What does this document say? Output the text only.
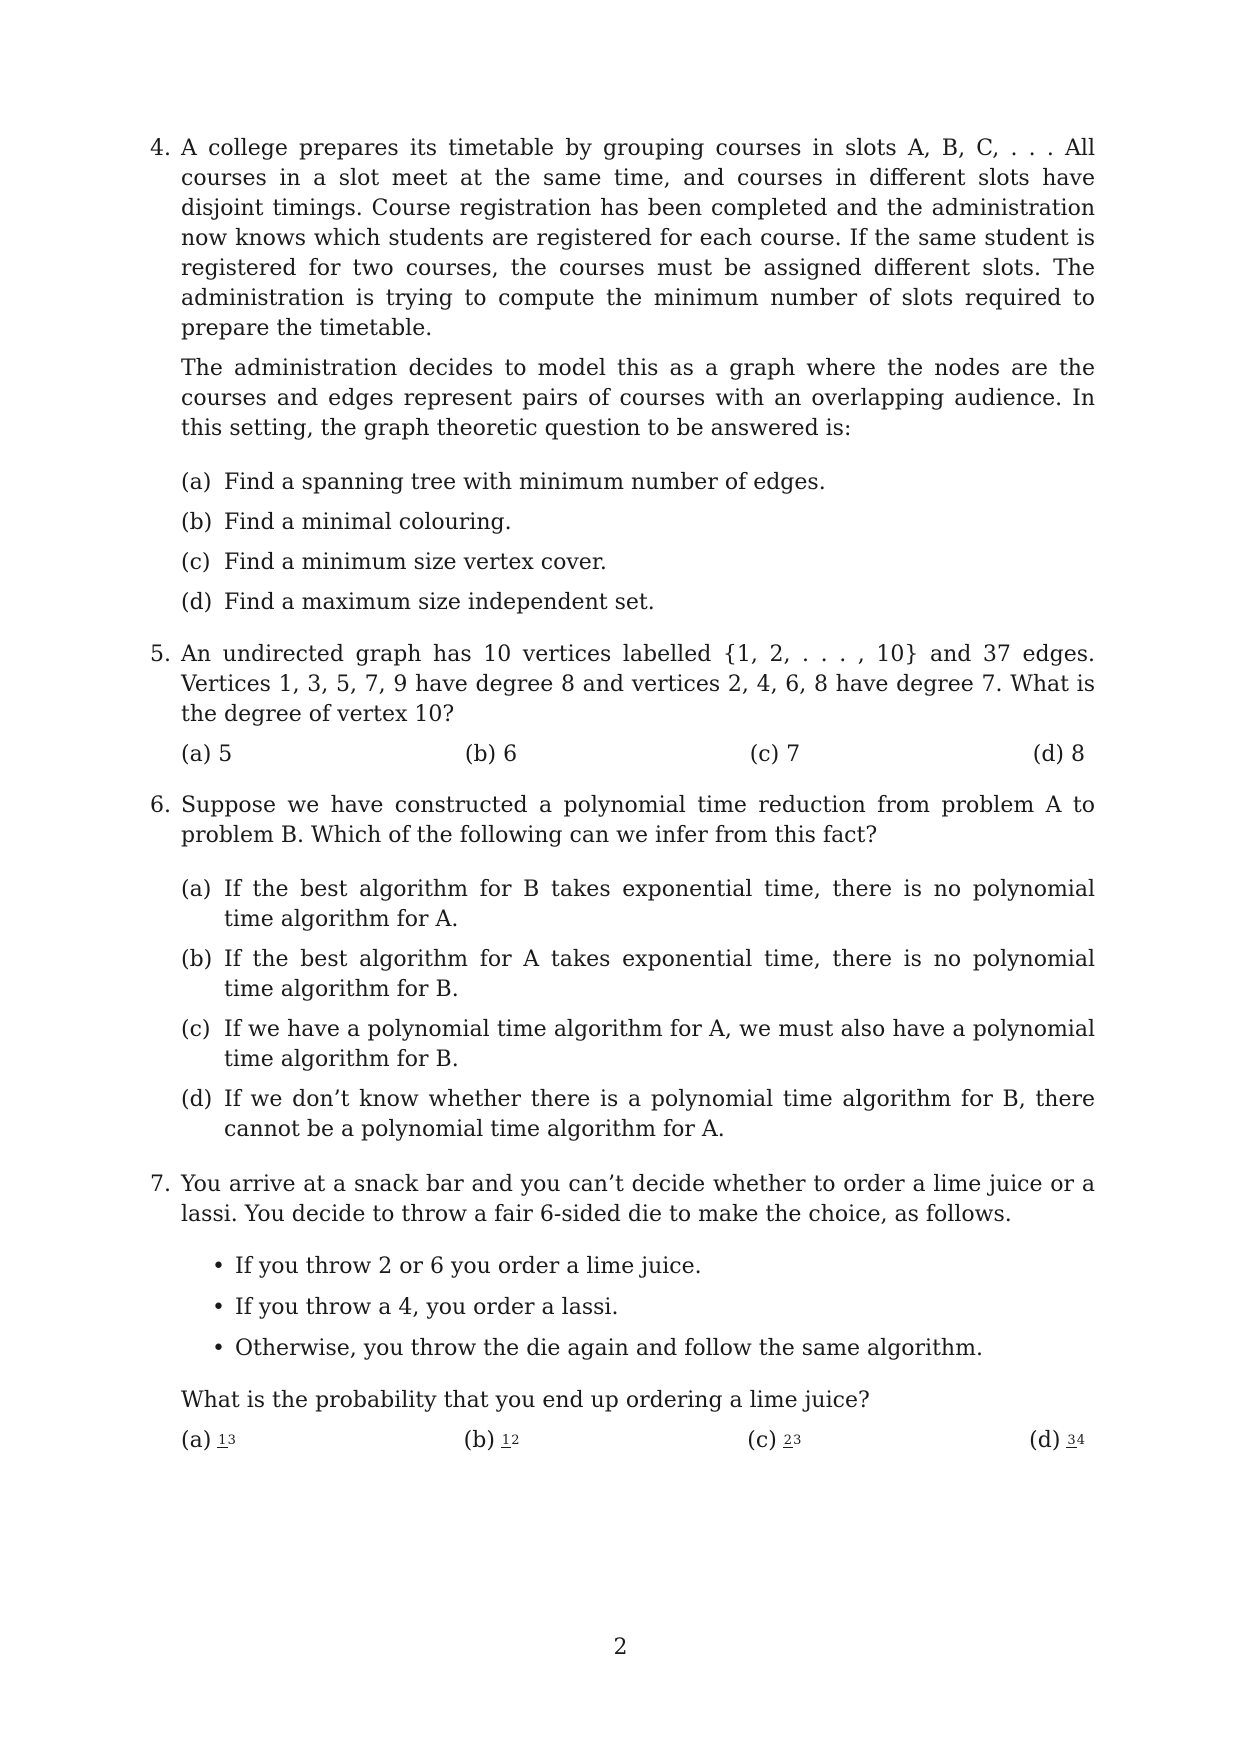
4. A college prepares its timetable by grouping courses in slots A, B, C, . . . All courses in a slot meet at the same time, and courses in different slots have disjoint timings. Course registration has been completed and the administration now knows which students are registered for each course. If the same student is registered for two courses, the courses must be assigned different slots. The administration is trying to compute the minimum number of slots required to prepare the timetable.

The administration decides to model this as a graph where the nodes are the courses and edges represent pairs of courses with an overlapping audience. In this setting, the graph theoretic question to be answered is:

(a) Find a spanning tree with minimum number of edges.
(b) Find a minimal colouring.
(c) Find a minimum size vertex cover.
(d) Find a maximum size independent set.
5. An undirected graph has 10 vertices labelled {1, 2, . . . , 10} and 37 edges. Vertices 1, 3, 5, 7, 9 have degree 8 and vertices 2, 4, 6, 8 have degree 7. What is the degree of vertex 10?

(a) 5	(b) 6	(c) 7	(d) 8
6. Suppose we have constructed a polynomial time reduction from problem A to problem B. Which of the following can we infer from this fact?

(a) If the best algorithm for B takes exponential time, there is no polynomial time algorithm for A.
(b) If the best algorithm for A takes exponential time, there is no polynomial time algorithm for B.
(c) If we have a polynomial time algorithm for A, we must also have a polynomial time algorithm for B.
(d) If we don’t know whether there is a polynomial time algorithm for B, there cannot be a polynomial time algorithm for A.
7. You arrive at a snack bar and you can’t decide whether to order a lime juice or a lassi. You decide to throw a fair 6-sided die to make the choice, as follows.

• If you throw 2 or 6 you order a lime juice.
• If you throw a 4, you order a lassi.
• Otherwise, you throw the die again and follow the same algorithm.

What is the probability that you end up ordering a lime juice?

(a) 13	(b) 12	(c) 23	(d) 34
2
